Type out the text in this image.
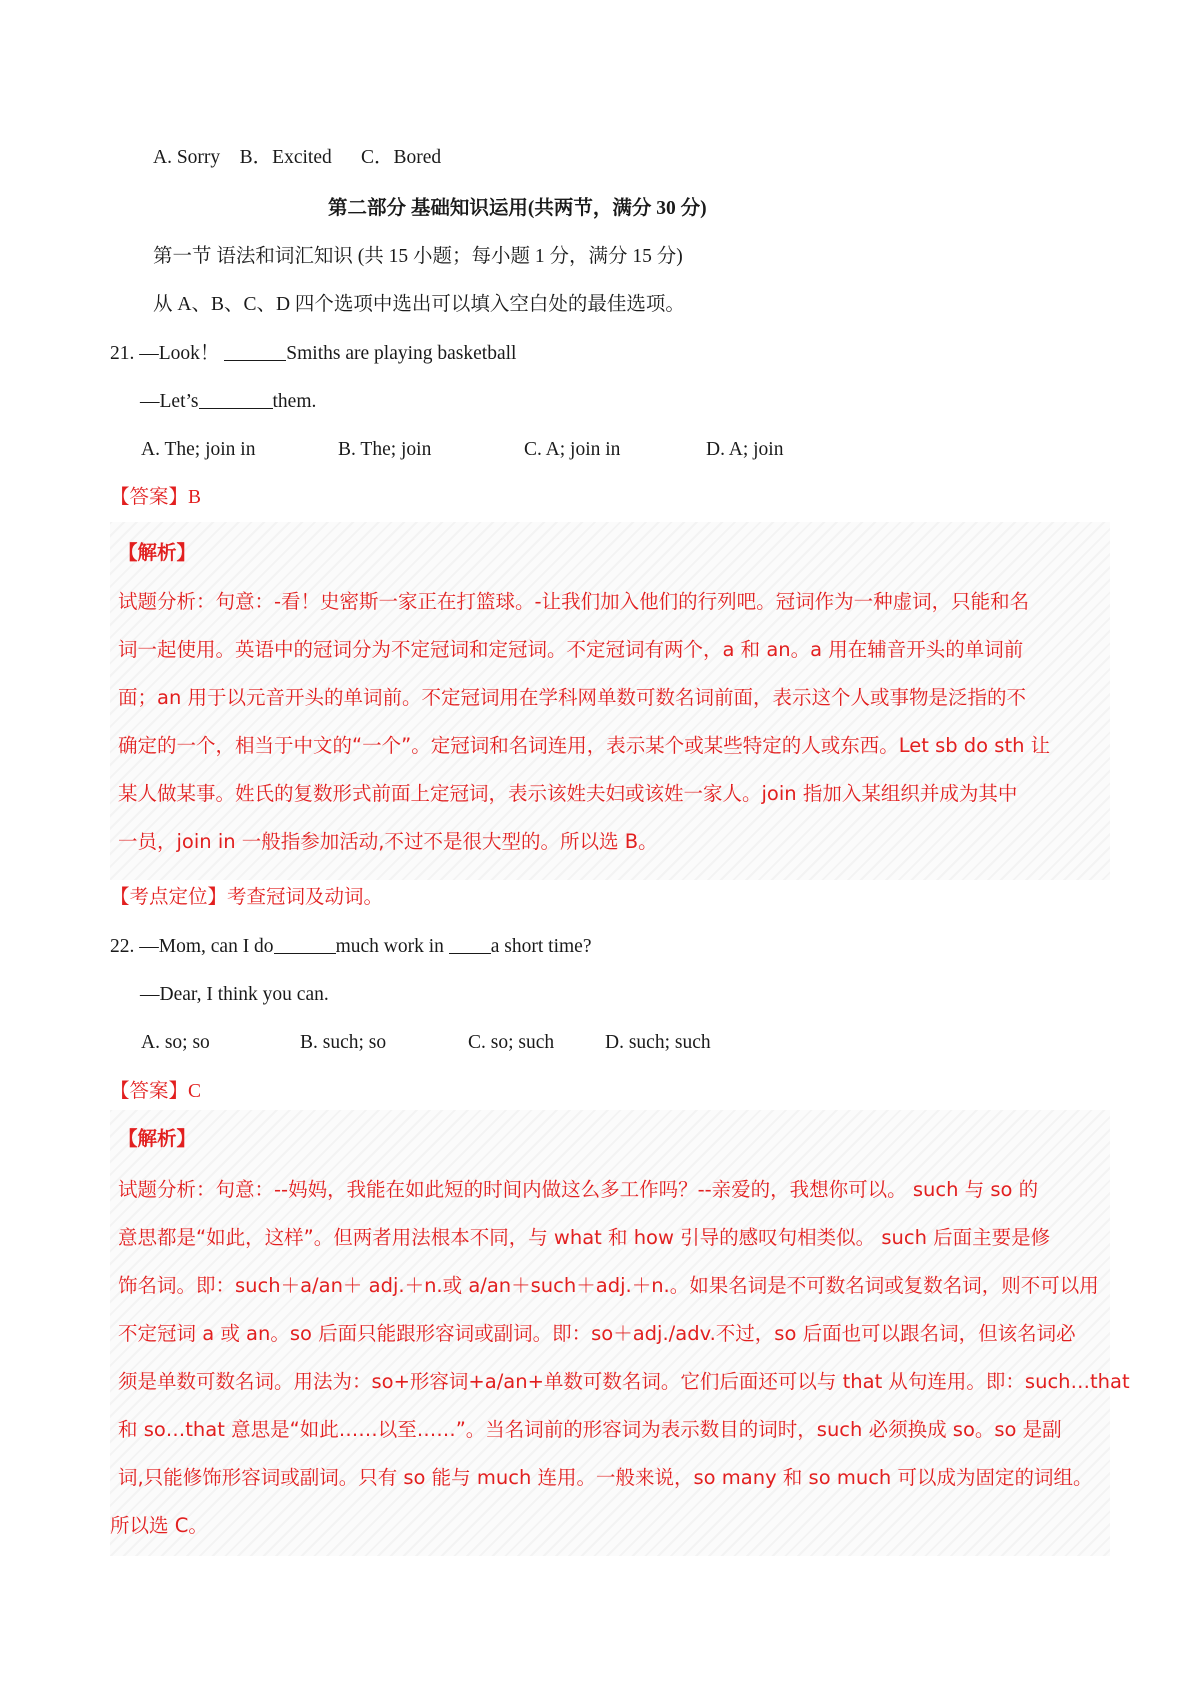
A. Sorry B．Excited C．Bored
第二部分 基础知识运用(共两节，满分 30 分)
第一节 语法和词汇知识 (共 15 小题；每小题 1 分，满分 15 分)
从 A、B、C、D 四个选项中选出可以填入空白处的最佳选项。
21. —Look！	Smiths are playing basketball
—Let’s	them.
A. The; join in	B. The; join	C. A; join in	D. A; join
【答案】B
【解析】
试题分析：句意：-看！史密斯一家正在打篮球。-让我们加入他们的行列吧。冠词作为一种虚词，只能和名
词一起使用。英语中的冠词分为不定冠词和定冠词。不定冠词有两个，a 和 an。a 用在辅音开头的单词前
面；an 用于以元音开头的单词前。不定冠词用在学科网单数可数名词前面，表示这个人或事物是泛指的不
确定的一个，相当于中文的“一个”。定冠词和名词连用，表示某个或某些特定的人或东西。Let sb do sth 让
某人做某事。姓氏的复数形式前面上定冠词，表示该姓夫妇或该姓一家人。join 指加入某组织并成为其中
一员，join in 一般指参加活动,不过不是很大型的。所以选 B。
【考点定位】考查冠词及动词。
22. —Mom, can I do	much work in a short time?
—Dear, I think you can.
A. so; so	B. such; so	C. so; such	D. such; such
【答案】C
【解析】
试题分析：句意：--妈妈，我能在如此短的时间内做这么多工作吗？--亲爱的，我想你可以。 such 与 so 的
意思都是“如此，这样”。但两者用法根本不同，与 what 和 how 引导的感叹句相类似。 such 后面主要是修
饰名词。即：such＋a/an＋ adj.＋n.或 a/an＋such＋adj.＋n.。如果名词是不可数名词或复数名词，则不可以用
不定冠词 a 或 an。so 后面只能跟形容词或副词。即：so＋adj./adv.不过，so 后面也可以跟名词，但该名词必
须是单数可数名词。用法为：so+形容词+a/an+单数可数名词。它们后面还可以与 that 从句连用。即：such…that
和 so…that 意思是“如此……以至……”。当名词前的形容词为表示数目的词时，such 必须换成 so。so 是副
词,只能修饰形容词或副词。只有 so 能与 much 连用。一般来说，so many 和 so much 可以成为固定的词组。
所以选 C。
